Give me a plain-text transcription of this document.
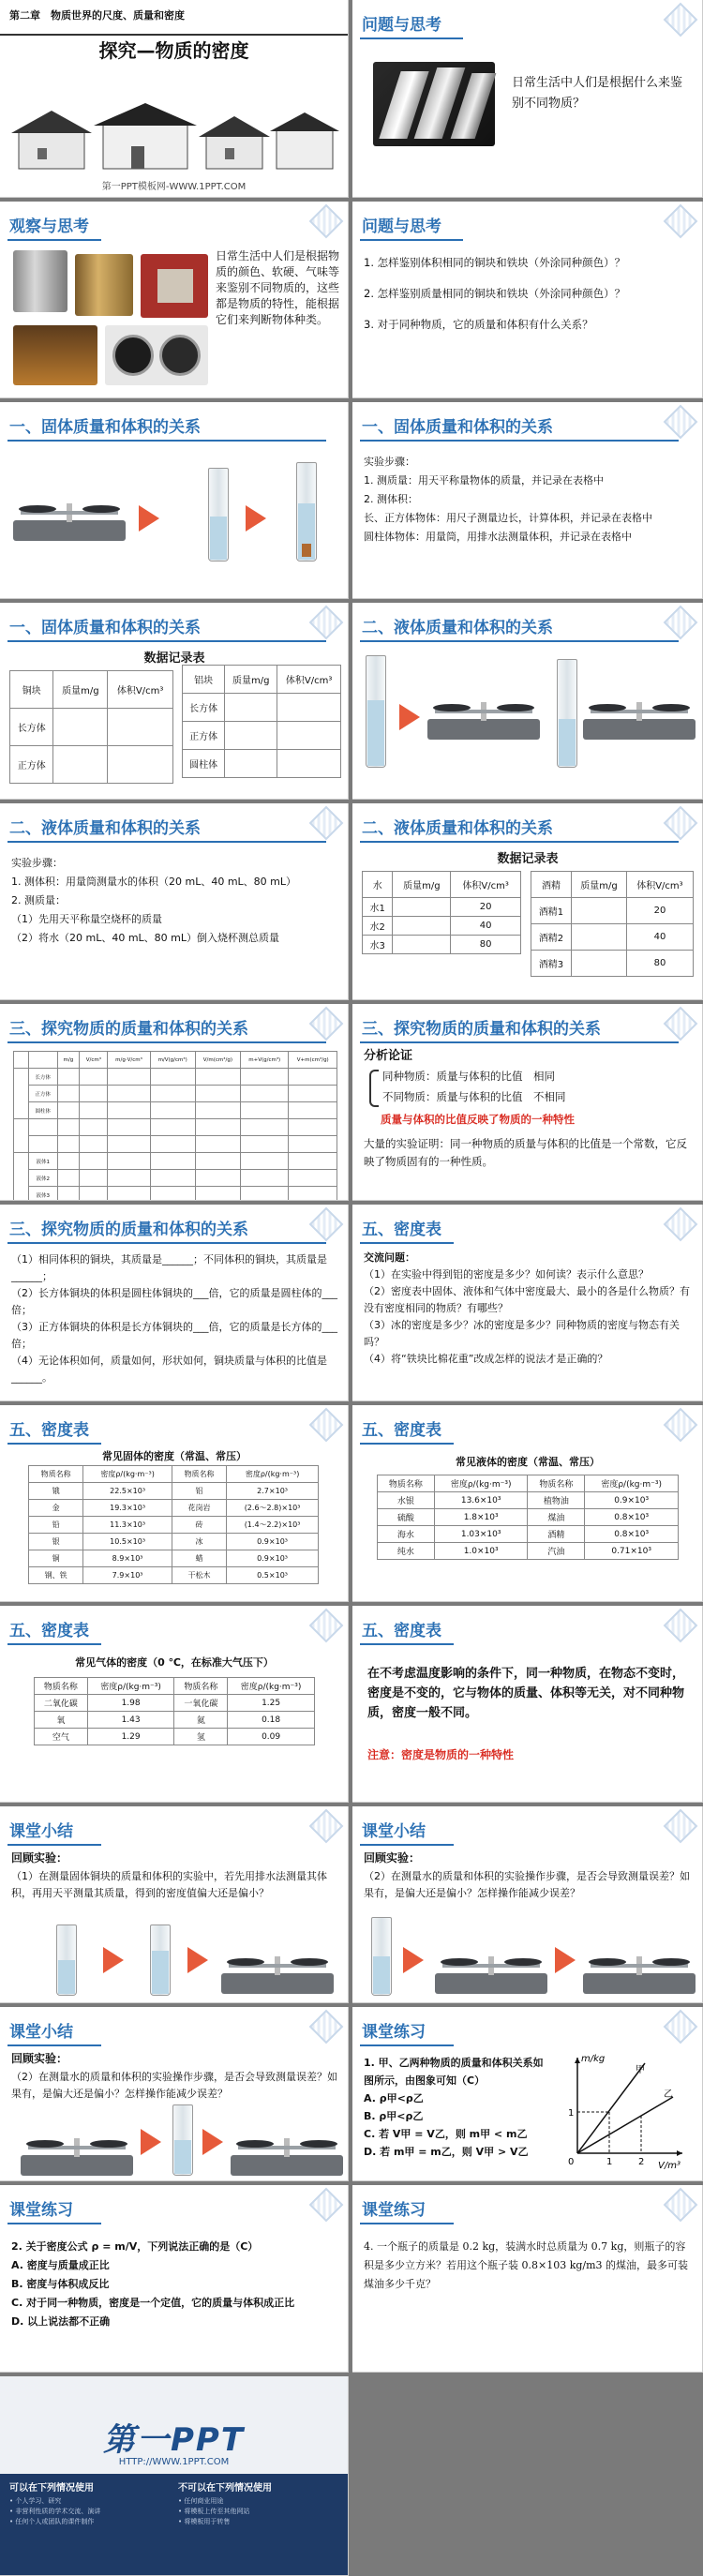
第二章　物质世界的尺度、质量和密度
探究—物质的密度
第一PPT模板网-WWW.1PPT.COM
问题与思考
日常生活中人们是根据什么来鉴别不同物质？
观察与思考
日常生活中人们是根据物质的颜色、软硬、气味等来鉴别不同物质的，这些都是物质的特性，能根据它们来判断物体种类。
问题与思考
1. 怎样鉴别体积相同的铜块和铁块（外涂同种颜色）？
2. 怎样鉴别质量相同的铜块和铁块（外涂同种颜色）？
3. 对于同种物质，它的质量和体积有什么关系？
一、固体质量和体积的关系	一、固体质量和体积的关系
实验步骤：
1. 测质量：用天平称量物体的质量，并记录在表格中
2. 测体积：
长、正方体物体：用尺子测量边长，计算体积，并记录在表格中
圆柱体物体：用量筒，用排水法测量体积，并记录在表格中
一、固体质量和体积的关系
数据记录表
铜块	质量m/g	体积V/cm³
长方体		
正方体		
铝块	质量m/g	体积V/cm³
长方体		
正方体		
圆柱体		
二、液体质量和体积的关系
二、液体质量和体积的关系
实验步骤：
1. 测体积：用量筒测量水的体积（20 mL、40 mL、80 mL）
2. 测质量：
（1）先用天平称量空烧杯的质量
（2）将水（20 mL、40 mL、80 mL）倒入烧杯测总质量
二、液体质量和体积的关系
数据记录表
水	质量m/g	体积V/cm³
水1		20
水2		40
水3		80
酒精	质量m/g	体积V/cm³
酒精1		20
酒精2		40
酒精3		80
三、探究物质的质量和体积的关系
		m/g	V/cm³	m/g·V/cm³	m/V(g/cm³)	V/m(cm³/g)	m+V(g/cm³)	V+m(cm³/g)
	长方体							
	正方体							
	圆柱体							

	液体1							
	液体2							
	液体3							
三、探究物质的质量和体积的关系
分析论证
同种物质：质量与体积的比值　相同
不同物质：质量与体积的比值　不相同
质量与体积的比值反映了物质的一种特性
大量的实验证明：同一种物质的质量与体积的比值是一个常数，它反映了物质固有的一种性质。
三、探究物质的质量和体积的关系
（1）相同体积的铜块，其质量是______；不同体积的铜块，其质量是______；
（2）长方体铜块的体积是圆柱体铜块的___倍，它的质量是圆柱体的___倍；
（3）正方体铜块的体积是长方体铜块的___倍，它的质量是长方体的___倍；
（4）无论体积如何，质量如何，形状如何，铜块质量与体积的比值是______。
五、密度表
交流问题：
（1）在实验中得到铝的密度是多少？如何读？表示什么意思？
（2）密度表中固体、液体和气体中密度最大、最小的各是什么物质？有没有密度相同的物质？有哪些？
（3）冰的密度是多少？冰的密度是多少？同种物质的密度与物态有关吗？
（4）将“铁块比棉花重”改成怎样的说法才是正确的？
五、密度表
常见固体的密度（常温、常压）
物质名称	密度ρ/(kg·m⁻³)	物质名称	密度ρ/(kg·m⁻³)
锇	22.5×10³	铝	2.7×10³
金	19.3×10³	花岗岩	(2.6～2.8)×10³
铅	11.3×10³	砖	(1.4～2.2)×10³
银	10.5×10³	冰	0.9×10³
铜	8.9×10³	蜡	0.9×10³
钢、铁	7.9×10³	干松木	0.5×10³
五、密度表
常见液体的密度（常温、常压）
物质名称	密度ρ/(kg·m⁻³)	物质名称	密度ρ/(kg·m⁻³)
水银	13.6×10³	植物油	0.9×10³
硫酸	1.8×10³	煤油	0.8×10³
海水	1.03×10³	酒精	0.8×10³
纯水	1.0×10³	汽油	0.71×10³
五、密度表
常见气体的密度（0 ℃，在标准大气压下）
物质名称	密度ρ/(kg·m⁻³)	物质名称	密度ρ/(kg·m⁻³)
二氧化碳	1.98	一氧化碳	1.25
氧	1.43	氦	0.18
空气	1.29	氢	0.09
五、密度表
在不考虑温度影响的条件下，同一种物质，在物态不变时，密度是不变的，它与物体的质量、体积等无关，对不同种物质，密度一般不同。
注意：密度是物质的一种特性
课堂小结
回顾实验：
（1）在测量固体铜块的质量和体积的实验中，若先用排水法测量其体积，再用天平测量其质量，得到的密度值偏大还是偏小？
课堂小结
回顾实验：
（2）在测量水的质量和体积的实验操作步骤，是否会导致测量误差？如果有，是偏大还是偏小？怎样操作能减少误差？
课堂小结
回顾实验：
（2）在测量水的质量和体积的实验操作步骤，是否会导致测量误差？如果有，是偏大还是偏小？怎样操作能减少误差？
课堂练习
1. 甲、乙两种物质的质量和体积关系如图所示，由图象可知（C）
A. ρ甲<ρ乙
B. ρ甲<ρ乙
C. 若 V甲 = V乙，则 m甲 < m乙
D. 若 m甲 = m乙，则 V甲 > V乙
m/kg
V/m³
甲
乙
0	1	2
1
课堂练习
2. 关于密度公式 ρ = m/V，下列说法正确的是（C）
A. 密度与质量成正比
B. 密度与体积成反比
C. 对于同一种物质，密度是一个定值，它的质量与体积成正比
D. 以上说法都不正确
课堂练习
4. 一个瓶子的质量是 0.2 kg，装满水时总质量为 0.7 kg，则瓶子的容积是多少立方米？若用这个瓶子装 0.8×103 kg/m3 的煤油，最多可装煤油多少千克？
第一PPT
HTTP://WWW.1PPT.COM
可以在下列情况使用	不可以在下列情况使用
• 个人学习、研究
• 非营利性质的学术交流、演讲
• 任何个人或团队的课件制作
• 任何商业用途
• 将模板上传至其他网站
• 将模板用于转售
